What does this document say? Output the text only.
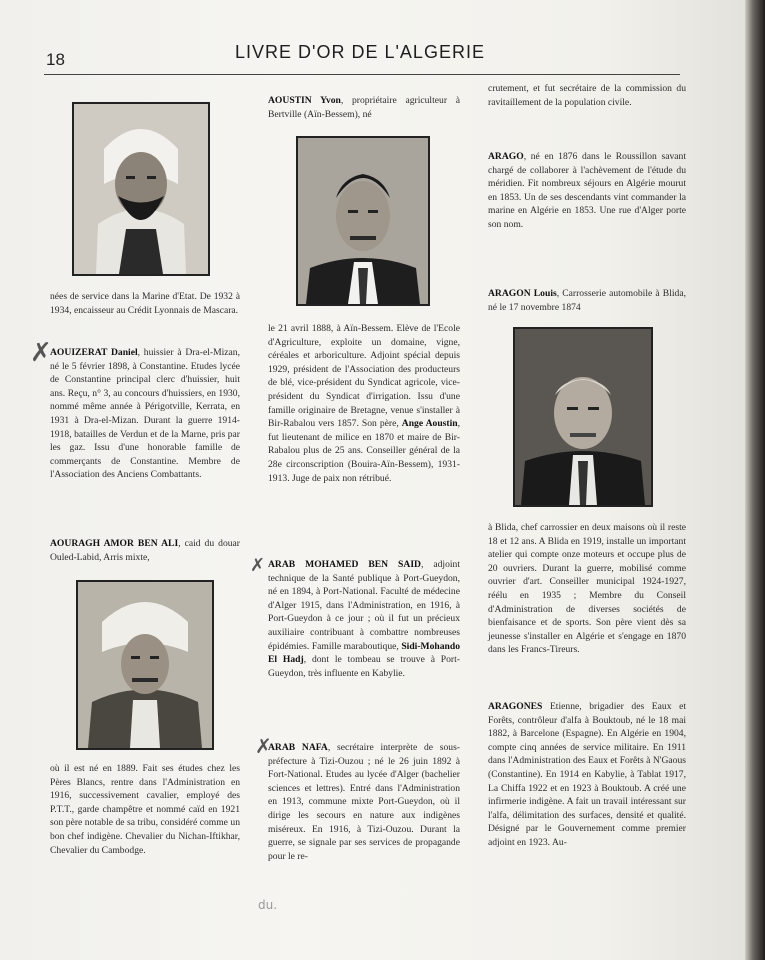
18	LIVRE D'OR DE L'ALGERIE

nées de service dans la Marine d'Etat. De 1932 à 1934, encaisseur au Crédit Lyonnais de Mascara.

AOUIZERAT Daniel, huissier à Dra-el-Mizan, né le 5 février 1898, à Constantine. Etudes lycée de Constantine principal clerc d'huissier, huit ans. Reçu, n° 3, au concours d'huissiers, en 1930, nommé même année à Périgotville, Kerrata, en 1931 à Dra-el-Mizan. Durant la guerre 1914-1918, batailles de Verdun et de la Marne, pris par les gaz. Issu d'une honorable famille de commerçants de Constantine. Membre de l'Association des Anciens Combattants.

AOURAGH AMOR BEN ALI, caid du douar Ouled-Labid, Arris mixte,

où il est né en 1889. Fait ses études chez les Pères Blancs, rentre dans l'Administration en 1916, successivement cavalier, employé des P.T.T., garde champêtre et nommé caïd en 1921 son père notable de sa tribu, considéré comme un bon chef indigène. Chevalier du Nichan-Iftikhar, Chevalier du Cambodge.

✗

AOUSTIN Yvon, propriétaire agriculteur à Bertville (Aïn-Bessem), né

le 21 avril 1888, à Aïn-Bessem. Elève de l'Ecole d'Agriculture, exploite un domaine, vigne, céréales et arboriculture. Adjoint spécial depuis 1929, président de l'Association des producteurs de blé, vice-président du Syndicat agricole, vice-président du Syndicat d'irrigation. Issu d'une famille originaire de Bretagne, venue s'installer à Bir-Rabalou vers 1857. Son père, Ange Aoustin, fut lieutenant de milice en 1870 et maire de Bir-Rabalou plus de 25 ans. Conseiller général de la 28e circonscription (Bouira-Aïn-Bessem), 1931-1913. Juge de paix non rétribué.

ARAB MOHAMED BEN SAID, adjoint technique de la Santé publique à Port-Gueydon, né en 1894, à Port-National. Faculté de médecine d'Alger 1915, dans l'Administration, en 1916, à Port-Gueydon à ce jour ; où il fut un précieux auxiliaire contribuant à combattre nombreuses épidémies. Famille maraboutique, Sidi-Mohando El Hadj, dont le tombeau se trouve à Port-Gueydon, très influente en Kabylie.

ARAB NAFA, secrétaire interprète de sous-préfecture à Tizi-Ouzou ; né le 26 juin 1892 à Fort-National. Etudes au lycée d'Alger (bachelier sciences et lettres). Entré dans l'Administration en 1913, commune mixte Port-Gueydon, où il dirige les secours en nature aux indigènes miséreux. En 1916, à Tizi-Ouzou. Durant la guerre, se signale par ses services de propagande pour le re-

✗
✗
du.

crutement, et fut secrétaire de la commission du ravitaillement de la population civile.

ARAGO, né en 1876 dans le Roussillon savant chargé de collaborer à l'achèvement de l'étude du méridien. Fit nombreux séjours en Algérie mourut en 1853. Un de ses descendants vint commander la marine en Algérie en 1853. Une rue d'Alger porte son nom.

ARAGON Louis, Carrosserie automobile à Blida, né le 17 novembre 1874

à Blida, chef carrossier en deux maisons où il reste 18 et 12 ans. A Blida en 1919, installe un important atelier qui compte onze moteurs et occupe plus de 20 ouvriers. Durant la guerre, mobilisé comme ouvrier d'art. Conseiller municipal 1924-1927, réélu en 1935 ; Membre du Conseil d'Administration de diverses sociétés de bienfaisance et de sports. Son père vient dès sa jeunesse s'installer en Algérie et s'engage en 1870 dans les Francs-Tireurs.

ARAGONES Etienne, brigadier des Eaux et Forêts, contrôleur d'alfa à Bouktoub, né le 18 mai 1882, à Barcelone (Espagne). En Algérie en 1904, compte cinq années de service militaire. En 1911 dans l'Administration des Eaux et Forêts à N'Gaous (Constantine). En 1914 en Kabylie, à Tablat 1917, La Chiffa 1922 et en 1923 à Bouktoub. A créé une infirmerie indigène. A fait un travail intéressant sur l'alfa, délimitation des surfaces, densité et qualité. Désigné par le Gouvernement comme premier adjoint en 1923. Au-
